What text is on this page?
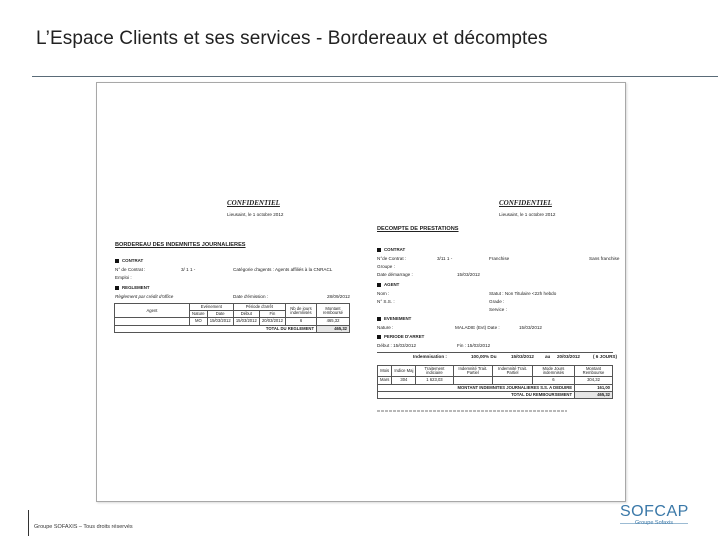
L’Espace Clients et ses services - Bordereaux et décomptes
CONFIDENTIEL
Lieusaint, le 1 octobre 2012
BORDEREAU DES INDEMNITES JOURNALIERES
CONTRAT
N° de Contrat :	3/ 1 1 -	Catégorie d'agents : Agents affiliés à la CNRACL
Emploi :
REGLEMENT
Règlement par crédit d'office	Date d'émission :	28/09/2012
Agent	Evénement		Période d'arrêt		Nb de jours indemnisés	Montant remboursé
	Nature	Date	Début	Fin		
	MO	15/03/2012	15/03/2012	20/03/2012	6	465,32
TOTAL DU REGLEMENT						465,32
CONFIDENTIEL
Lieusaint, le 1 octobre 2012
DECOMPTE DE PRESTATIONS
CONTRAT
N°de Contrat :	3/11 1 -	Franchise	Sans franchise
Groupe :
Date démarrage :	15/03/2012
AGENT
Nom :	Statut : Non Titulaire <22h hebdo
N° S.S. :	Grade :
Service :
EVENEMENT
Nature :	MALADIE (Evt) Date :	15/03/2012
PERIODE D'ARRET
Début : 15/03/2012	Fin : 15/03/2012
Indemnisation :	100,00% Du	15/03/2012 au 20/03/2012	( 6 JOURS)
Mois	Indice Maj	Traitement indiciaire	Indemnité Trait. Partiel	Indemnité Trait. Partiel	Mode Jours indemnisés	Montant Rembourse
Mars	304	1 623,03			6	304,32
MONTANT INDEMNITES JOURNALIERES S.S. A DEDUIRE						161,00
TOTAL DU REMBOURSEMENT						465,32
Groupe SOFAXIS – Tous droits réservés
SOFCAP
